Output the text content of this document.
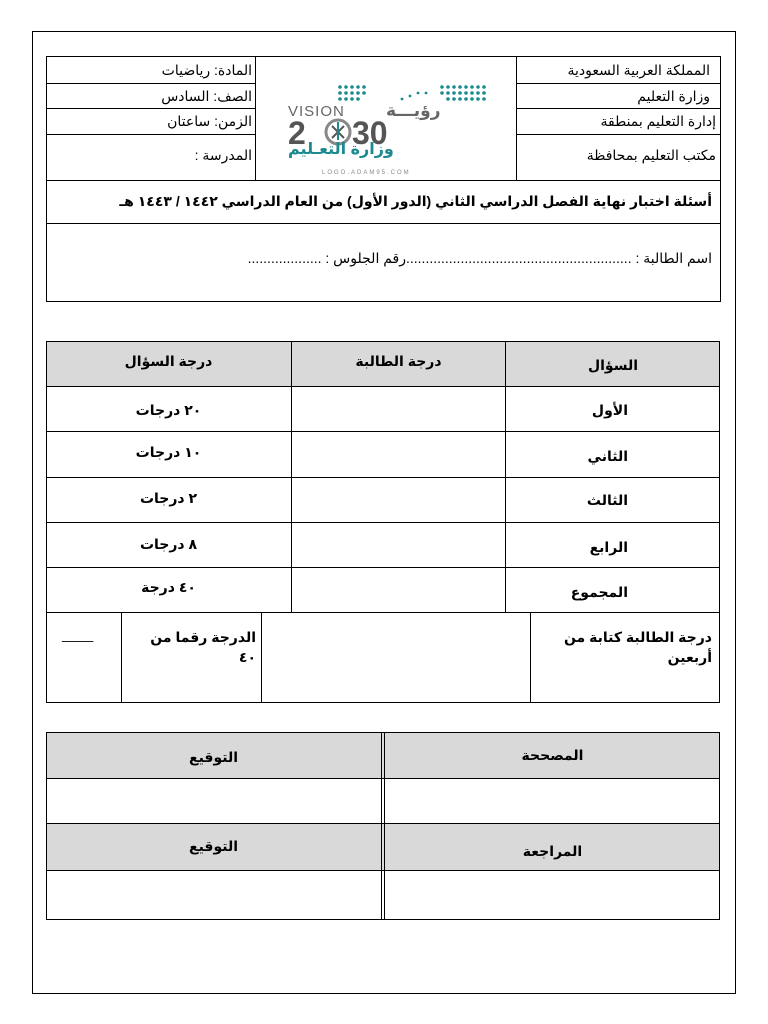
المملكة العربية السعودية
وزارة التعليم
إدارة التعليم بمنطقة
مكتب التعليم بمحافظة
المادة: رياضيات
الصف: السادس
الزمن: ساعتان
المدرسة :
VISION رؤيـــة
2 30
وزارة التعـليم
LOGO.ADAM95.COM
أسئلة اختبار نهاية الفصل الدراسي الثاني (الدور الأول) من العام الدراسي ١٤٤٢ / ١٤٤٣ هـ
اسم الطالبة : ..........................................................رقم الجلوس : ...................
السؤال
درجة الطالبة
درجة السؤال
الأول
٢٠ درجات
الثاني
١٠ درجات
الثالث
٢ درجات
الرابع
٨ درجات
المجموع
٤٠ درجة
درجة الطالبة كتابة من
أربعين
الدرجة رقما من
٤٠
____
المصححة
التوقيع
المراجعة
التوقيع
